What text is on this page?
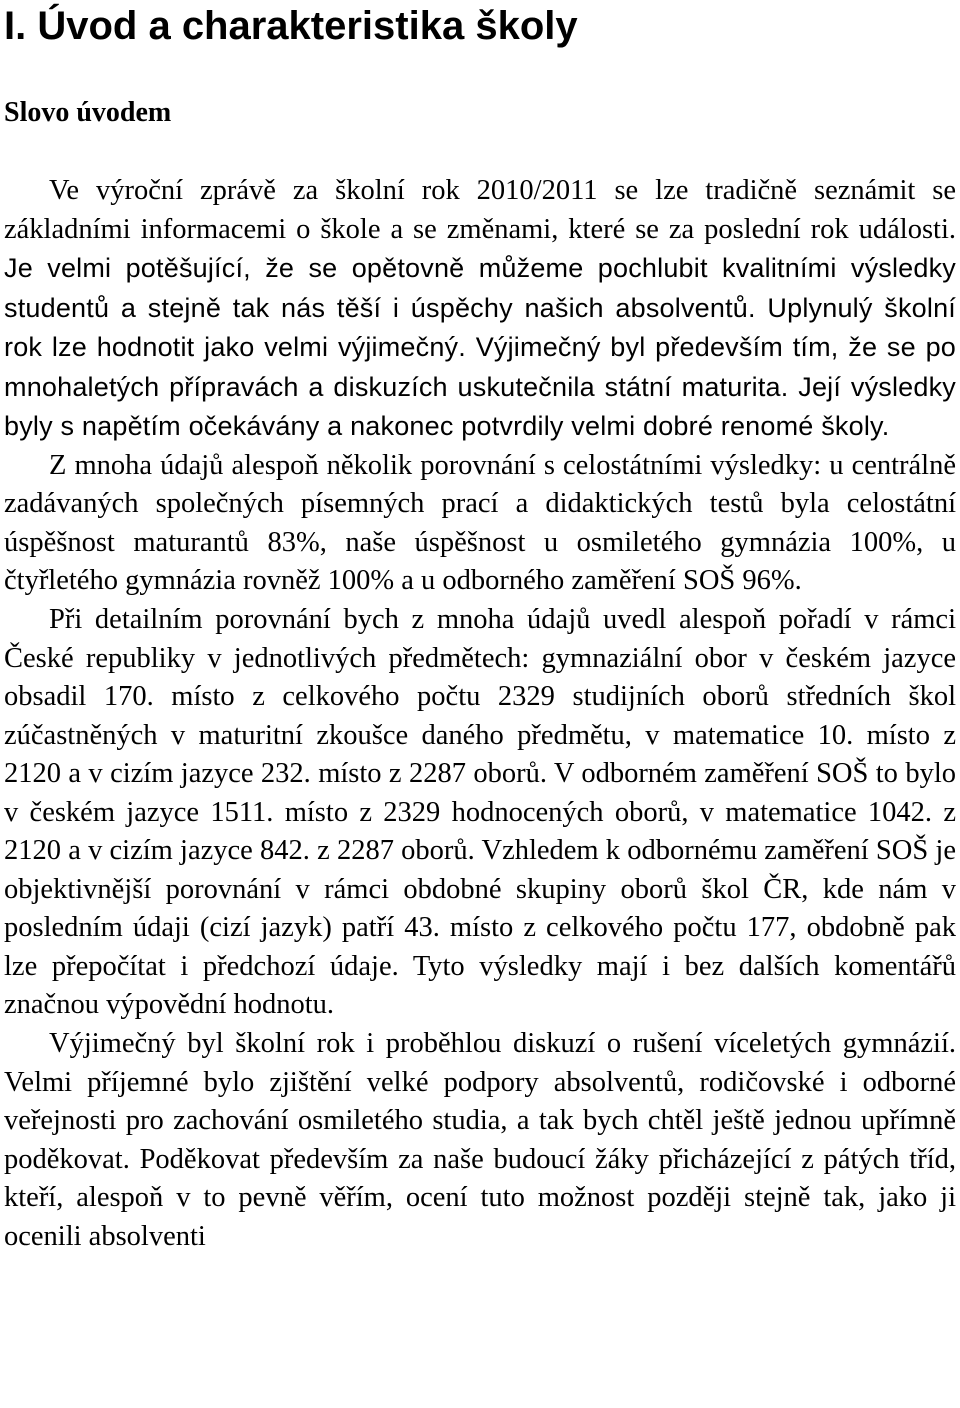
I. Úvod a charakteristika školy
Slovo úvodem

Ve výroční zprávě za školní rok 2010/2011 se lze tradičně seznámit se základními informacemi o škole a se změnami, které se za poslední rok události. Je velmi potěšující, že se opětovně můžeme pochlubit kvalitními výsledky studentů a stejně tak nás těší i úspěchy našich absolventů. Uplynulý školní rok lze hodnotit jako velmi výjimečný. Výjimečný byl především tím, že se po mnohaletých přípravách a diskuzích uskutečnila státní maturita. Její výsledky byly s napětím očekávány a nakonec potvrdily velmi dobré renomé školy.

Z mnoha údajů alespoň několik porovnání s celostátními výsledky: u centrálně zadávaných společných písemných prací a didaktických testů byla celostátní úspěšnost maturantů 83%, naše úspěšnost u osmiletého gymnázia 100%, u čtyřletého gymnázia rovněž 100% a u odborného zaměření SOŠ 96%.

Při detailním porovnání bych z mnoha údajů uvedl alespoň pořadí v rámci České republiky v jednotlivých předmětech: gymnaziální obor v českém jazyce obsadil 170. místo z celkového počtu 2329 studijních oborů středních škol zúčastněných v maturitní zkoušce daného předmětu, v matematice 10. místo z 2120 a v cizím jazyce 232. místo z 2287 oborů. V odborném zaměření SOŠ to bylo v českém jazyce 1511. místo z 2329 hodnocených oborů, v matematice 1042. z 2120 a v cizím jazyce 842. z 2287 oborů. Vzhledem k odbornému zaměření SOŠ je objektivnější porovnání v rámci obdobné skupiny oborů škol ČR, kde nám v posledním údaji (cizí jazyk) patří 43. místo z celkového počtu 177, obdobně pak lze přepočítat i předchozí údaje. Tyto výsledky mají i bez dalších komentářů značnou výpovědní hodnotu.

Výjimečný byl školní rok i proběhlou diskuzí o rušení víceletých gymnázií. Velmi příjemné bylo zjištění velké podpory absolventů, rodičovské i odborné veřejnosti pro zachování osmiletého studia, a tak bych chtěl ještě jednou upřímně poděkovat. Poděkovat především za naše budoucí žáky přicházející z pátých tříd, kteří, alespoň v to pevně věřím, ocení tuto možnost později stejně tak, jako ji ocenili absolventi
